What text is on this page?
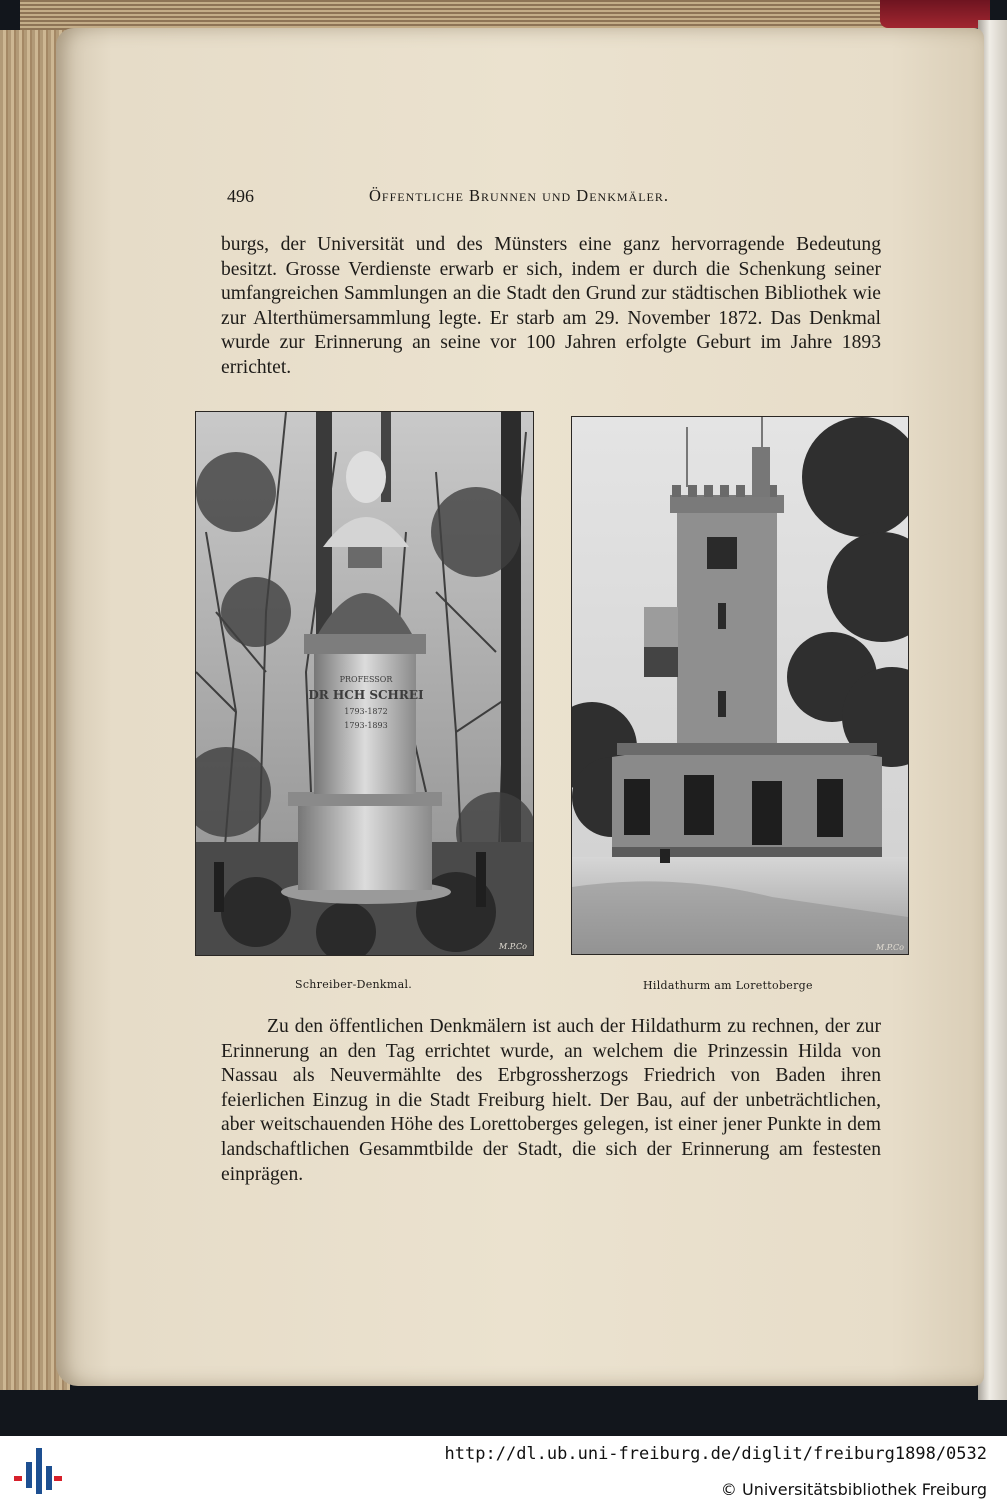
496	Öffentliche Brunnen und Denkmäler.

burgs, der Universität und des Münsters eine ganz hervorragende Bedeutung besitzt. Grosse Verdienste erwarb er sich, indem er durch die Schenkung seiner umfangreichen Sammlungen an die Stadt den Grund zur städtischen Bibliothek wie zur Alterthümersammlung legte. Er starb am 29. November 1872. Das Denkmal wurde zur Erinnerung an seine vor 100 Jahren erfolgte Geburt im Jahre 1893 errichtet.

PROFESSOR
DR HCH SCHREI
1793-1872
1793-1893
M.P.Co
Schreiber-Denkmal.
M.P.Co
Hildathurm am Lorettoberge

Zu den öffentlichen Denkmälern ist auch der Hildathurm zu rechnen, der zur Erinnerung an den Tag errichtet wurde, an welchem die Prinzessin Hilda von Nassau als Neuvermählte des Erbgrossherzogs Friedrich von Baden ihren feierlichen Einzug in die Stadt Freiburg hielt. Der Bau, auf der unbeträchtlichen, aber weitschauenden Höhe des Lorettoberges gelegen, ist einer jener Punkte in dem landschaftlichen Gesammtbilde der Stadt, die sich der Erinnerung am festesten einprägen.

http://dl.ub.uni-freiburg.de/diglit/freiburg1898/0532
© Universitätsbibliothek Freiburg
